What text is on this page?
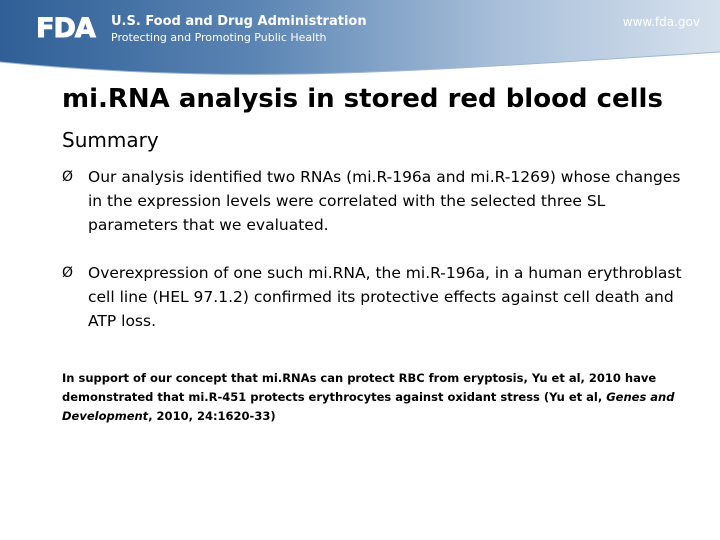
FDA U.S. Food and Drug Administration
Protecting and Promoting Public Health
www.fda.gov
mi.RNA analysis in stored red blood cells
Summary
Ø Our analysis identified two RNAs (mi.R-196a and mi.R-1269) whose changes in the expression levels were correlated with the selected three SL parameters that we evaluated.
Ø Overexpression of one such mi.RNA, the mi.R-196a, in a human erythroblast cell line (HEL 97.1.2) confirmed its protective effects against cell death and ATP loss.
In support of our concept that mi.RNAs can protect RBC from eryptosis, Yu et al, 2010 have demonstrated that mi.R-451 protects erythrocytes against oxidant stress (Yu et al, Genes and Development, 2010, 24:1620-33)
